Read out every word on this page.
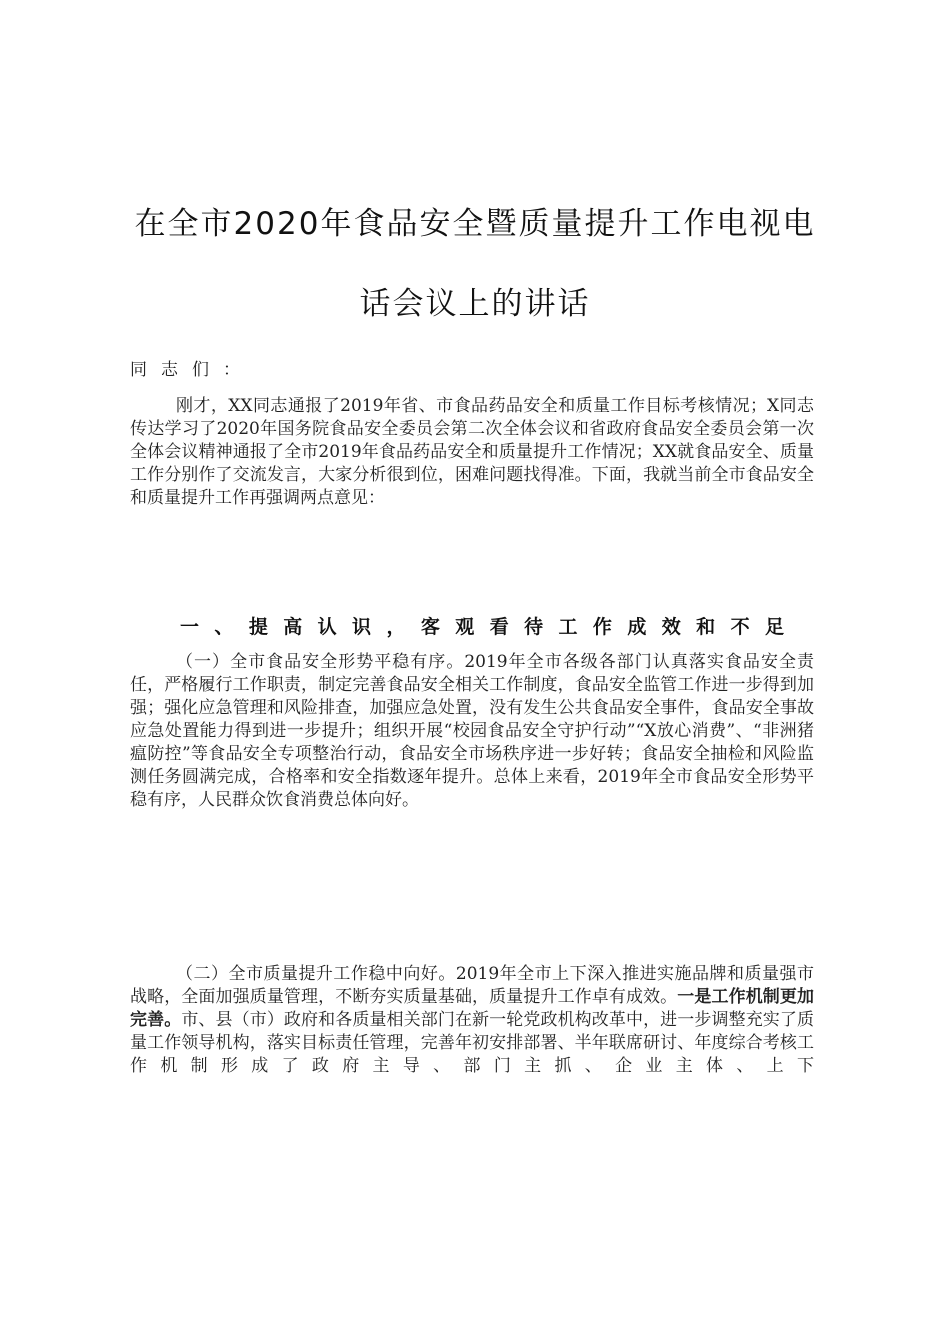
在全市2020年食品安全暨质量提升工作电视电
话会议上的讲话

同志们：

刚才，XX同志通报了2019年省、市食品药品安全和质量工作目标考核情况；X同志传达学习了2020年国务院食品安全委员会第二次全体会议和省政府食品安全委员会第一次全体会议精神通报了全市2019年食品药品安全和质量提升工作情况；XX就食品安全、质量工作分别作了交流发言，大家分析很到位，困难问题找得准。下面，我就当前全市食品安全和质量提升工作再强调两点意见：

一、提高认识，客观看待工作成效和不足

（一）全市食品安全形势平稳有序。2019年全市各级各部门认真落实食品安全责任，严格履行工作职责，制定完善食品安全相关工作制度，食品安全监管工作进一步得到加强；强化应急管理和风险排查，加强应急处置，没有发生公共食品安全事件，食品安全事故应急处置能力得到进一步提升；组织开展“校园食品安全守护行动”“X放心消费”、“非洲猪瘟防控”等食品安全专项整治行动，食品安全市场秩序进一步好转；食品安全抽检和风险监测任务圆满完成，合格率和安全指数逐年提升。总体上来看，2019年全市食品安全形势平稳有序，人民群众饮食消费总体向好。

（二）全市质量提升工作稳中向好。2019年全市上下深入推进实施品牌和质量强市战略，全面加强质量管理，不断夯实质量基础，质量提升工作卓有成效。一是工作机制更加完善。市、县（市）政府和各质量相关部门在新一轮党政机构改革中，进一步调整充实了质量工作领导机构，落实目标责任管理，完善年初安排部署、半年联席研讨、年度综合考核工作机制形成了政府主导、部门主抓、企业主体、上下
